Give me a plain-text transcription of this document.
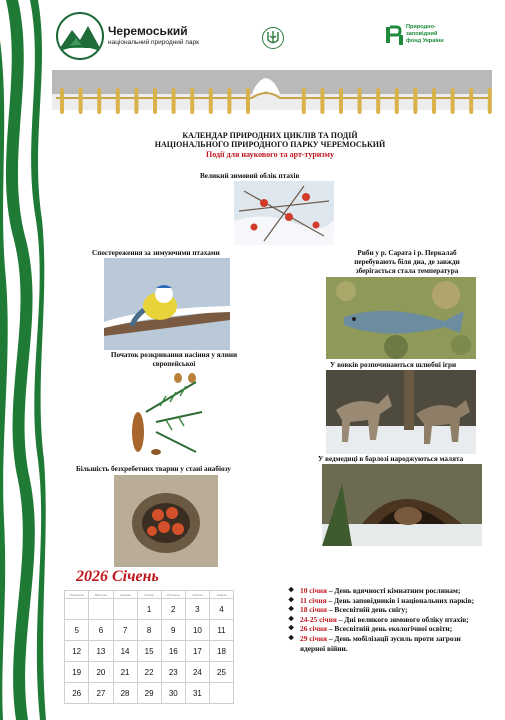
Черемоський
національний природний парк
Природно-
заповідний
фонд України
КАЛЕНДАР ПРИРОДНИХ ЦИКЛІВ ТА ПОДІЙ
НАЦІОНАЛЬНОГО ПРИРОДНОГО ПАРКУ ЧЕРЕМОСЬКИЙ
Події для наукового та арт-туризму
Великий зимовий облік птахів
Спостереження за зимуючими птахами	Риби у р. Сарата і р. Перкалаб
перебувають біля дна, де завжди
зберігається стала температура
Початок розкривання насіння у ялини
європейської	У вовків розпочинаються шлюбні ігри
Більшість безхребетних тварин у стані анабіозу
У ведмедиці в барлозі народжуються малята
2026 Січень
Понеділок	Вівторок	Середа	Четвер	П'ятниця	Субота	Неділя
			1	2	3	4
5	6	7	8	9	10	11
12	13	14	15	16	17	18
19	20	21	22	23	24	25
26	27	28	29	30	31	

❖ 10 січня – День вдячності кімнатним рослинам;

❖ 11 січня – День заповідників і національних парків;

❖ 18 січня – Всесвітній день снігу;

❖ 24-25 січня – Дні великого зимового обліку птахів;

❖ 26 січня – Всесвітній день екологічної освіти;

❖ 29 січня – День мобілізації зусиль проти загрози ядерної війни.
